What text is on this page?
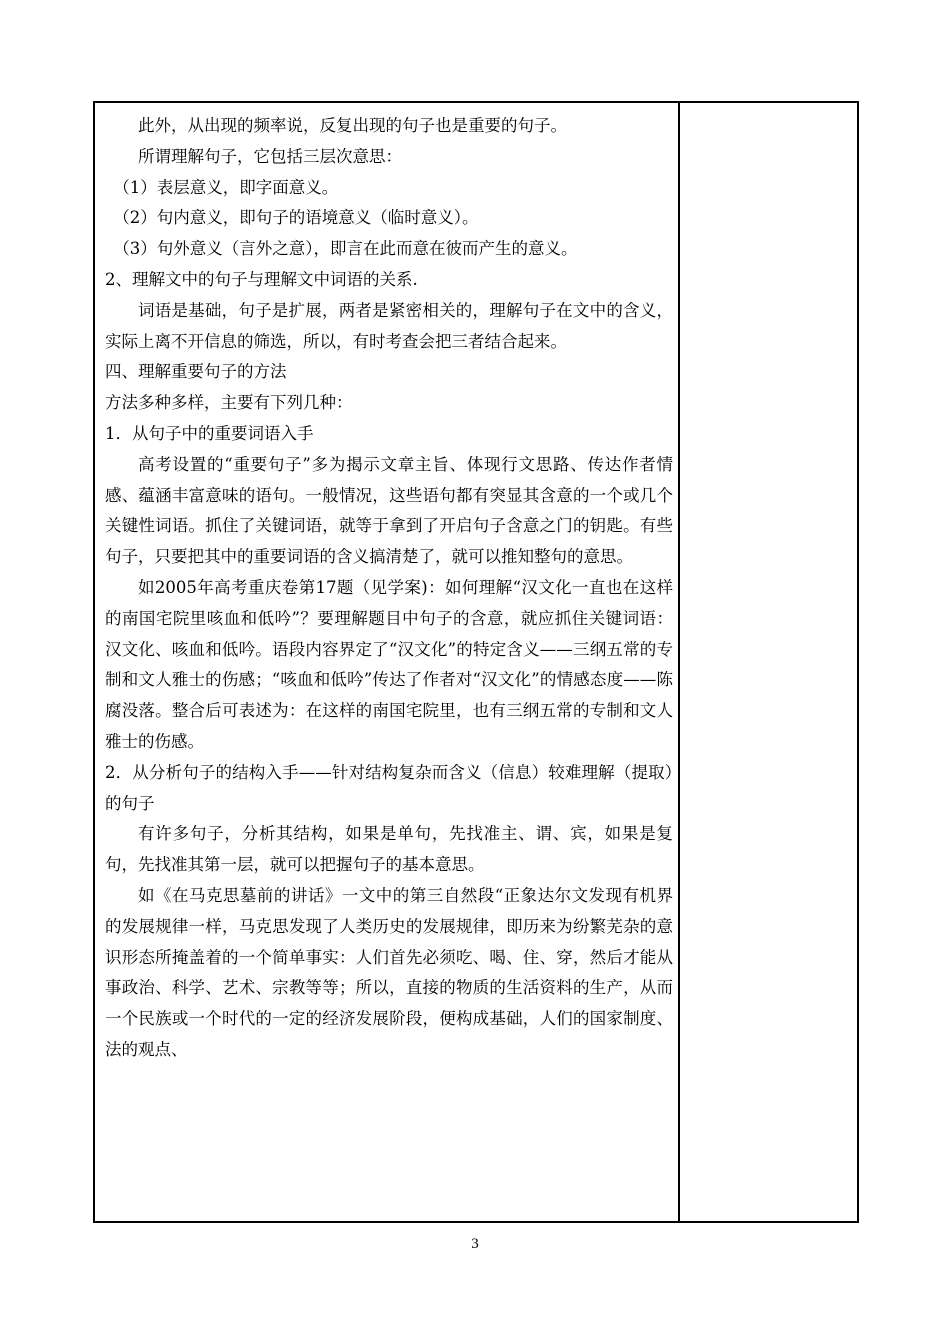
此外，从出现的频率说，反复出现的句子也是重要的句子。

所谓理解句子，它包括三层次意思：

（1）表层意义，即字面意义。

（2）句内意义，即句子的语境意义（临时意义）。

（3）句外意义（言外之意），即言在此而意在彼而产生的意义。

2、理解文中的句子与理解文中词语的关系.

词语是基础，句子是扩展，两者是紧密相关的，理解句子在文中的含义，实际上离不开信息的筛选，所以，有时考查会把三者结合起来。

四、理解重要句子的方法

方法多种多样，主要有下列几种：

1．从句子中的重要词语入手

高考设置的“重要句子”多为揭示文章主旨、体现行文思路、传达作者情感、蕴涵丰富意味的语句。一般情况，这些语句都有突显其含意的一个或几个关键性词语。抓住了关键词语，就等于拿到了开启句子含意之门的钥匙。有些句子，只要把其中的重要词语的含义搞清楚了，就可以推知整句的意思。

如2005年高考重庆卷第17题（见学案)：如何理解“汉文化一直也在这样的南国宅院里咳血和低吟”？要理解题目中句子的含意，就应抓住关键词语：汉文化、咳血和低吟。语段内容界定了“汉文化”的特定含义——三纲五常的专制和文人雅士的伤感；“咳血和低吟”传达了作者对“汉文化”的情感态度——陈腐没落。整合后可表述为：在这样的南国宅院里，也有三纲五常的专制和文人雅士的伤感。

2．从分析句子的结构入手——针对结构复杂而含义（信息）较难理解（提取）的句子

有许多句子，分析其结构，如果是单句，先找准主、谓、宾，如果是复句，先找准其第一层，就可以把握句子的基本意思。

如《在马克思墓前的讲话》一文中的第三自然段“正象达尔文发现有机界的发展规律一样，马克思发现了人类历史的发展规律，即历来为纷繁芜杂的意识形态所掩盖着的一个简单事实：人们首先必须吃、喝、住、穿，然后才能从事政治、科学、艺术、宗教等等；所以，直接的物质的生活资料的生产，从而一个民族或一个时代的一定的经济发展阶段，便构成基础，人们的国家制度、法的观点、

3
